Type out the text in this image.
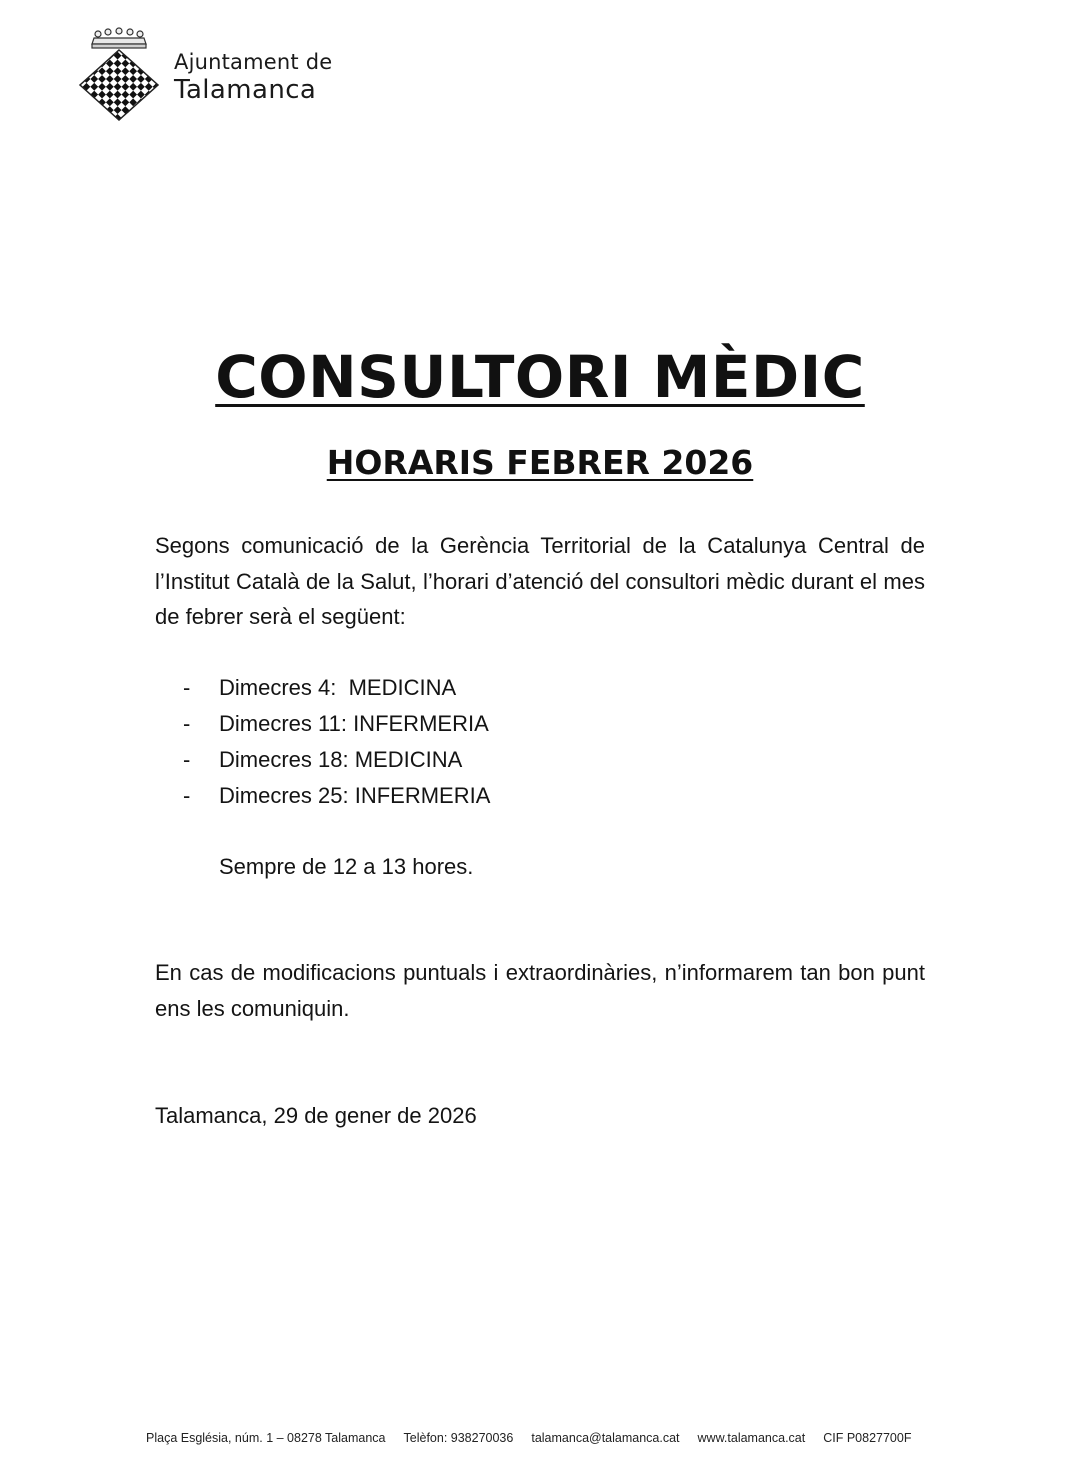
Ajuntament de
Talamanca
CONSULTORI MÈDIC
HORARIS FEBRER 2026
Segons comunicació de la Gerència Territorial de la Catalunya Central de l’Institut Català de la Salut, l’horari d’atenció del consultori mèdic durant el mes de febrer serà el següent:
-	Dimecres 4:  MEDICINA
-	Dimecres 11: INFERMERIA
-	Dimecres 18: MEDICINA
-	Dimecres 25: INFERMERIA
Sempre de 12 a 13 hores.
En cas de modificacions puntuals i extraordinàries, n’informarem tan bon punt ens les comuniquin.
Talamanca, 29 de gener de 2026
Plaça Església, núm. 1 – 08278 Talamanca Telèfon: 938270036 talamanca@talamanca.cat www.talamanca.cat CIF P0827700F
